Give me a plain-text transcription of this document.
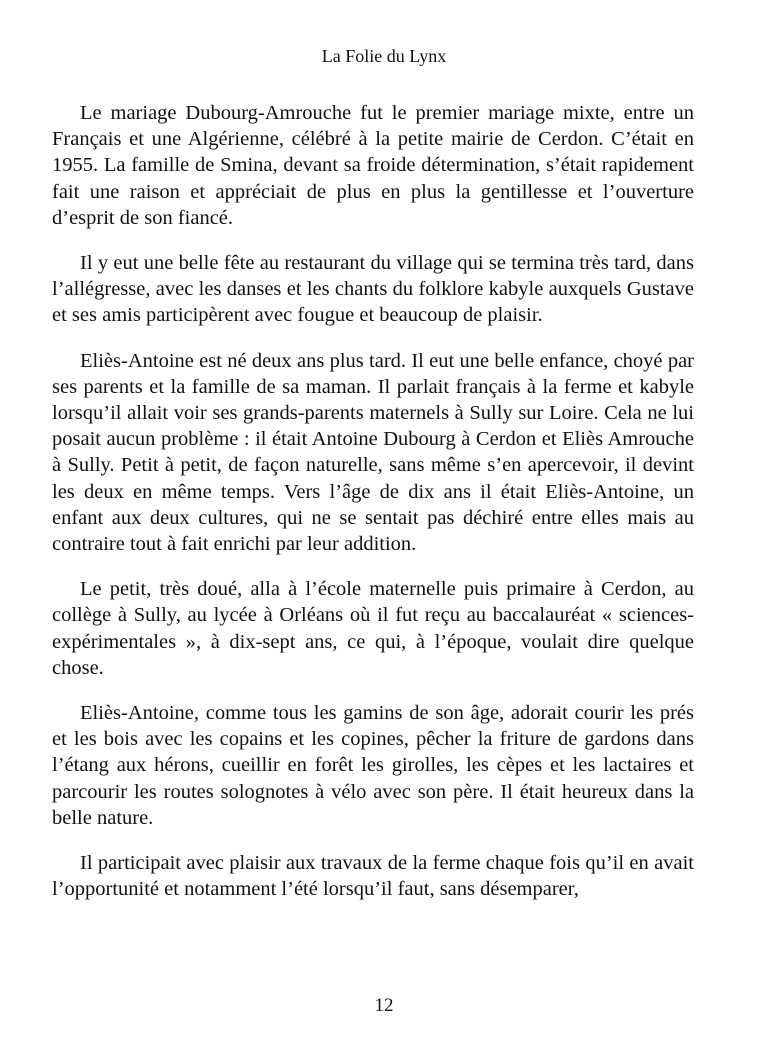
La Folie du Lynx

Le mariage Dubourg-Amrouche fut le premier mariage mixte, entre un Français et une Algérienne, célébré à la petite mairie de Cerdon. C’était en 1955. La famille de Smina, devant sa froide détermination, s’était rapidement fait une raison et appréciait de plus en plus la gentillesse et l’ouverture d’esprit de son fiancé.

Il y eut une belle fête au restaurant du village qui se termina très tard, dans l’allégresse, avec les danses et les chants du folklore kabyle auxquels Gustave et ses amis participèrent avec fougue et beaucoup de plaisir.

Eliès-Antoine est né deux ans plus tard. Il eut une belle enfance, choyé par ses parents et la famille de sa maman. Il parlait français à la ferme et kabyle lorsqu’il allait voir ses grands-parents maternels à Sully sur Loire. Cela ne lui posait aucun problème : il était Antoine Dubourg à Cerdon et Eliès Amrouche à Sully. Petit à petit, de façon naturelle, sans même s’en apercevoir, il devint les deux en même temps. Vers l’âge de dix ans il était Eliès-Antoine, un enfant aux deux cultures, qui ne se sentait pas déchiré entre elles mais au contraire tout à fait enrichi par leur addition.

Le petit, très doué, alla à l’école maternelle puis primaire à Cerdon, au collège à Sully, au lycée à Orléans où il fut reçu au baccalauréat « sciences-expérimentales », à dix-sept ans, ce qui, à l’époque, voulait dire quelque chose.

Eliès-Antoine, comme tous les gamins de son âge, adorait courir les prés et les bois avec les copains et les copines, pêcher la friture de gardons dans l’étang aux hérons, cueillir en forêt les girolles, les cèpes et les lactaires et parcourir les routes solognotes à vélo avec son père. Il était heureux dans la belle nature.

Il participait avec plaisir aux travaux de la ferme chaque fois qu’il en avait l’opportunité et notamment l’été lorsqu’il faut, sans désemparer,

12
